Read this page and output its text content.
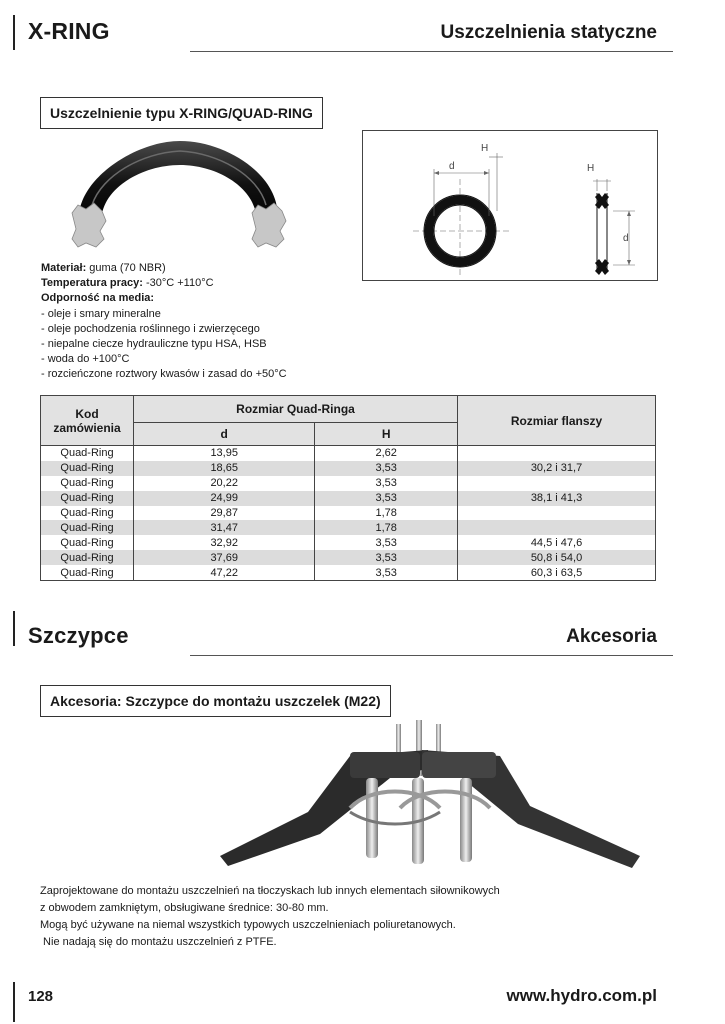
X-RING	Uszczelnienia statyczne
Uszczelnienie typu X-RING/QUAD-RING
d
H
H
d
Materiał: guma (70 NBR)
Temperatura pracy: -30°C +110°C
Odporność na media:
- oleje i smary mineralne
- oleje pochodzenia roślinnego i zwierzęcego
- niepalne ciecze hydrauliczne typu HSA, HSB
- woda do +100°C
- rozcieńczone roztwory kwasów i zasad do +50°C
Kod zamówienia	Rozmiar Quad-Ringa		Rozmiar flanszy
	d	H	
Quad-Ring	13,95	2,62	
Quad-Ring	18,65	3,53	30,2 i 31,7
Quad-Ring	20,22	3,53	
Quad-Ring	24,99	3,53	38,1 i 41,3
Quad-Ring	29,87	1,78	
Quad-Ring	31,47	1,78	
Quad-Ring	32,92	3,53	44,5 i 47,6
Quad-Ring	37,69	3,53	50,8 i 54,0
Quad-Ring	47,22	3,53	60,3 i 63,5
Szczypce	Akcesoria
Akcesoria: Szczypce do montażu uszczelek (M22)
Zaprojektowane do montażu uszczelnień na tłoczyskach lub innych elementach siłownikowych
z obwodem zamkniętym, obsługiwane średnice: 30-80 mm.
Mogą być używane na niemal wszystkich typowych uszczelnieniach poliuretanowych.
Nie nadają się do montażu uszczelnień z PTFE.
128	www.hydro.com.pl
